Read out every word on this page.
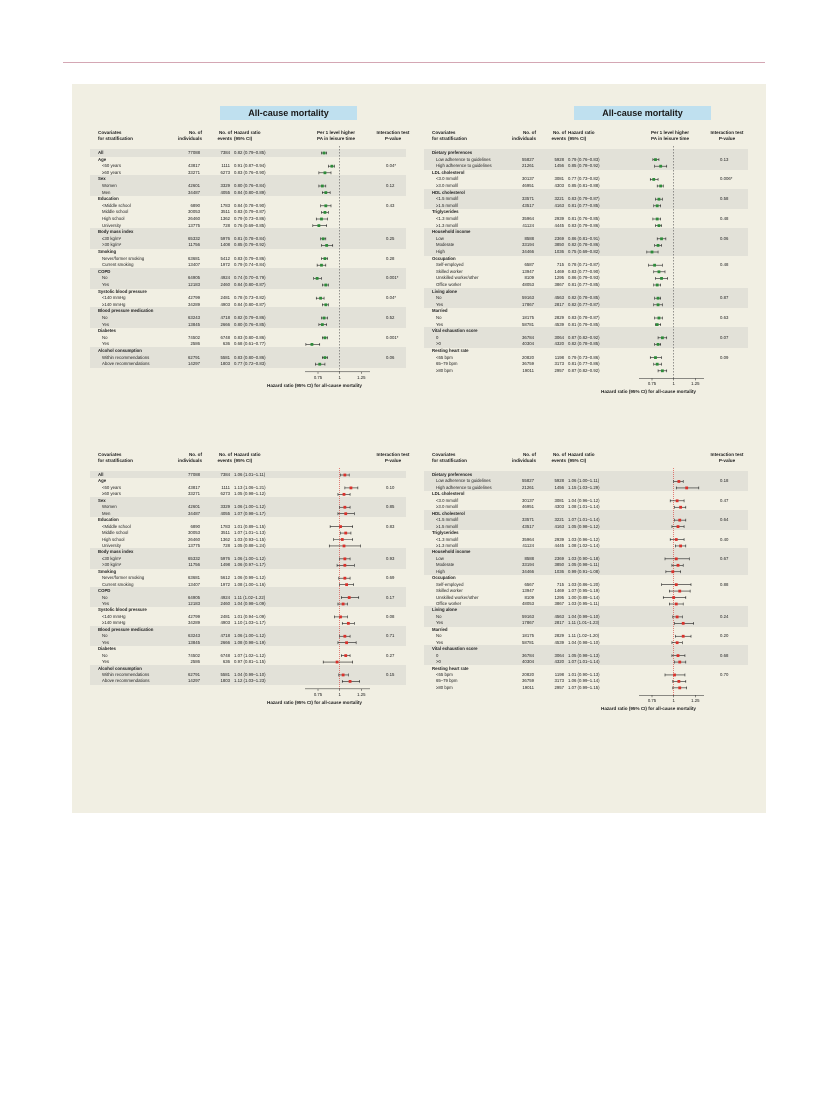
All-cause mortality
Covariates
for stratification
No. of
individuals
No. of
events
Hazard ratio
(95% CI)
Per 1 level higher
PA in leisure time
Interaction test
P-value
0.75	1	1.25
Hazard ratio (95% CI) for all-cause mortality
All	77088	7384 0.82 (0.79–0.85)
Age
<60 years	43817	1111 0.91 (0.87–0.94)	0.04*
≥60 years	33271	6273 0.83 (0.76–0.90)
Sex
Women	42601	3329 0.80 (0.76–0.84)	0.12
Men	34487	4055 0.84 (0.80–0.89)
Education
<Middle school	6890	1783 0.84 (0.78–0.90)	0.43
Middle school	30053	3511 0.83 (0.79–0.87)
High school	26460	1362 0.79 (0.73–0.86)
University	13775	728 0.76 (0.69–0.85)
Body mass index
≤30 kg/m²	65332	5976 0.81 (0.78–0.84)	0.25
>30 kg/m²	11756	1408 0.85 (0.79–0.92)
Smoking
Never/former smoking	63681	5412 0.83 (0.79–0.86)	0.28
Current smoking	13407	1972 0.79 (0.74–0.84)
COPD
No	64905	4924 0.74 (0.70–0.79)	0.001*
Yes	12183	2460 0.84 (0.80–0.87)
Systolic blood pressure
<140 mmHg	42799	2481 0.78 (0.73–0.82)	0.04*
≥140 mmHg	34289	4903 0.84 (0.80–0.87)
Blood pressure medication
No	63243	4718 0.82 (0.79–0.86)	0.52
Yes	13845	2666 0.80 (0.76–0.85)
Diabetes
No	74502	6748 0.83 (0.80–0.86)	0.001*
Yes	2586	636 0.68 (0.61–0.77)
Alcohol consumption
Within recommendations	62791	5581 0.83 (0.80–0.86)	0.06
Above recommendations	14297	1803 0.77 (0.72–0.83)
All-cause mortality
Covariates
for stratification
No. of
individuals
No. of
events
Hazard ratio
(95% CI)
Per 1 level higher
PA in leisure time
Interaction test
P-value
0.75	1	1.25
Hazard ratio (95% CI) for all-cause mortality
Dietary preferences
Low adherence to guidelines	55827	5928 0.79 (0.76–0.83)	0.13
High adherence to guidelines	21261	1456 0.85 (0.78–0.92)
LDL cholesterol
<3.0 mmol/l	30137	3081 0.77 (0.73–0.82)	0.006*
≥3.0 mmol/l	46951	4303 0.85 (0.81–0.88)
HDL cholesterol
<1.5 mmol/l	33571	3221 0.83 (0.79–0.87)	0.58
≥1.5 mmol/l	43517	4163 0.81 (0.77–0.85)
Triglycerides
<1.3 mmol/l	35964	2939 0.81 (0.76–0.85)	0.48
≥1.3 mmol/l	41124	4445 0.83 (0.79–0.86)
Household income
Low	8588	2369 0.86 (0.81–0.91)	0.06
Moderate	33194	3850 0.82 (0.78–0.86)
High	34466	1036 0.75 (0.69–0.82)
Occupation
Self-employed	6587	715 0.78 (0.71–0.87)	0.48
Skilled worker	13947	1469 0.83 (0.77–0.90)
Unskilled worker/other	8109	1295 0.86 (0.79–0.93)
Office worker	48053	3867 0.81 (0.77–0.85)
Living alone
No	59163	4563 0.82 (0.78–0.85)	0.87
Yes	17867	2817 0.82 (0.77–0.87)
Married
No	18175	2829 0.83 (0.78–0.87)	0.63
Yes	58781	4539 0.81 (0.79–0.85)
Vital exhaustion score
0	36784	3064 0.87 (0.82–0.92)	0.07
>0	40304	4320 0.82 (0.78–0.85)
Resting heart rate
<65 bpm	20820	1198 0.79 (0.73–0.86)	0.09
65–79 bpm	36759	3173 0.81 (0.77–0.86)
≥80 bpm	19011	2957 0.87 (0.82–0.92)
Covariates
for stratification
No. of
individuals
No. of
events
Hazard ratio
(95% CI)
Interaction test
P-value
0.75	1	1.25
Hazard ratio (95% CI) for all-cause mortality
All	77088	7384 1.06 (1.01–1.11)
Age
<60 years	43817	1111 1.13 (1.06–1.21)	0.10
≥60 years	33271	6273 1.05 (0.98–1.12)
Sex
Women	42601	3329 1.06 (1.00–1.12)	0.85
Men	34487	4055 1.07 (0.98–1.17)
Education
<Middle school	6890	1783 1.01 (0.89–1.15)	0.83
Middle school	30053	3511 1.07 (1.01–1.13)
High school	26460	1362 1.03 (0.93–1.15)
University	13775	728 1.05 (0.88–1.24)
Body mass index
≤30 kg/m²	65332	5976 1.06 (1.00–1.12)	0.93
>30 kg/m²	11756	1498 1.06 (0.97–1.17)
Smoking
Never/former smoking	63681	5612 1.06 (0.99–1.12)	0.69
Current smoking	13407	1972 1.08 (1.00–1.16)
COPD
No	64905	4924 1.11 (1.02–1.22)	0.17
Yes	12183	2460 1.04 (0.98–1.09)
Systolic blood pressure
<140 mmHg	42799	2481 1.01 (0.94–1.09)	0.08
≥140 mmHg	34289	4903 1.10 (1.03–1.17)
Blood pressure medication
No	63243	4718 1.06 (1.00–1.12)	0.71
Yes	13845	2666 1.08 (0.98–1.19)
Diabetes
No	74502	6748 1.07 (1.02–1.12)	0.27
Yes	2586	636 0.97 (0.81–1.15)
Alcohol consumption
Within recommendations	62791	5581 1.04 (0.99–1.10)	0.15
Above recommendations	14297	1803 1.12 (1.03–1.23)
Covariates
for stratification
No. of
individuals
No. of
events
Hazard ratio
(95% CI)
Interaction test
P-value
0.75	1	1.25
Hazard ratio (95% CI) for all-cause mortality
Dietary preferences
Low adherence to guidelines	55827	5928 1.06 (1.00–1.11)	0.18
High adherence to guidelines	21261	1456 1.15 (1.03–1.29)
LDL cholesterol
<3.0 mmol/l	30137	3081 1.04 (0.96–1.12)	0.47
≥3.0 mmol/l	46951	4303 1.08 (1.01–1.14)
HDL cholesterol
<1.5 mmol/l	33571	3221 1.07 (1.01–1.14)	0.64
≥1.5 mmol/l	43517	4163 1.05 (0.98–1.12)
Triglycerides
<1.3 mmol/l	35964	2939 1.03 (0.96–1.12)	0.40
≥1.3 mmol/l	41124	4445 1.08 (1.02–1.14)
Household income
Low	8588	2369 1.03 (0.90–1.18)	0.67
Moderate	33194	3850 1.05 (0.98–1.11)
High	34466	1036 0.99 (0.91–1.08)
Occupation
Self-employed	6567	715 1.03 (0.86–1.20)	0.88
Skilled worker	13947	1469 1.07 (0.95–1.19)
Unskilled worker/other	8109	1295 1.00 (0.88–1.14)
Office worker	48053	3867 1.03 (0.95–1.11)
Living alone
No	59163	4563 1.04 (0.99–1.10)	0.24
Yes	17867	2817 1.11 (1.01–1.23)
Married
No	18175	2829 1.11 (1.02–1.20)	0.20
Yes	58781	4539 1.04 (0.98–1.10)
Vital exhaustion score
0	36784	3064 1.05 (0.98–1.13)	0.68
>0	40304	4320 1.07 (1.01–1.14)
Resting heart rate
<65 bpm	20820	1198 1.01 (0.90–1.13)	0.70
65–79 bpm	36759	3173 1.06 (0.99–1.14)
≥80 bpm	19011	2957 1.07 (0.99–1.15)
